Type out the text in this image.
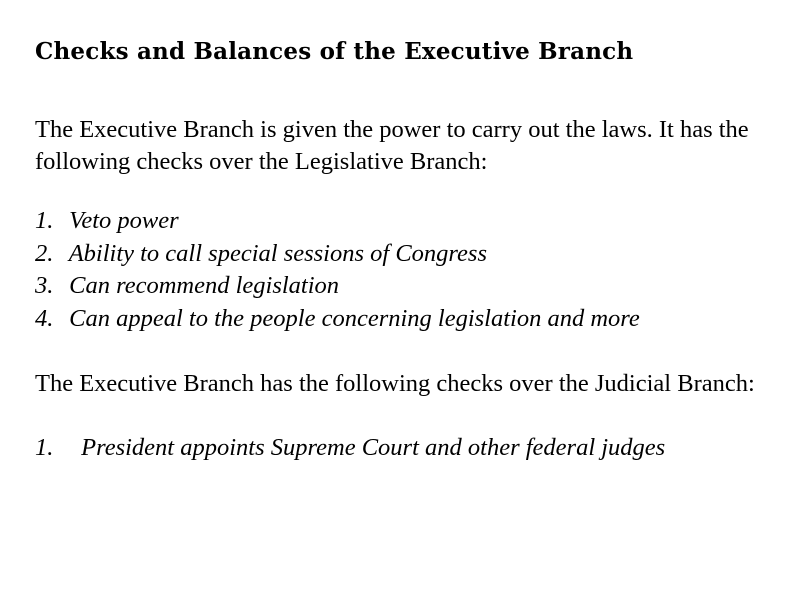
Checks and Balances of the Executive Branch

The Executive Branch is given the power to carry out the laws. It has the following checks over the Legislative Branch:

1. Veto power
2. Ability to call special sessions of Congress
3. Can recommend legislation
4. Can appeal to the people concerning legislation and more

The Executive Branch has the following checks over the Judicial Branch:

1. President appoints Supreme Court and other federal judges
